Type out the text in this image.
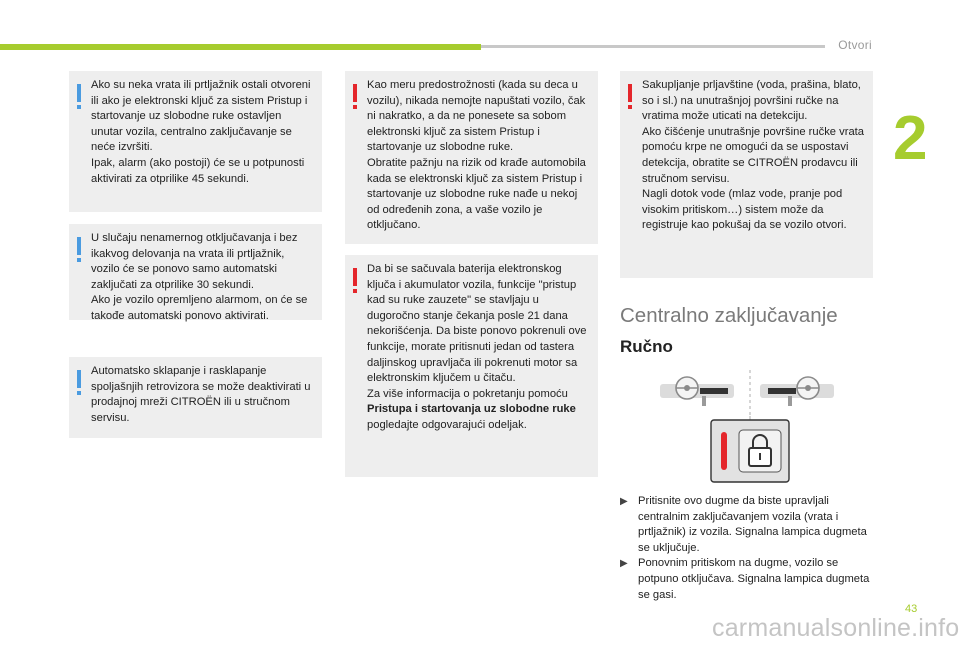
Otvori
2

Ako su neka vrata ili prtljažnik ostali otvoreni ili ako je elektronski ključ za sistem Pristup i startovanje uz slobodne ruke ostavljen unutar vozila, centralno zaključavanje se neće izvršiti.
Ipak, alarm (ako postoji) će se u potpunosti aktivirati za otprilike 45 sekundi.

U slučaju nenamernog otključavanja i bez ikakvog delovanja na vrata ili prtljažnik, vozilo će se ponovo samo automatski zaključati za otprilike 30 sekundi.
Ako je vozilo opremljeno alarmom, on će se takođe automatski ponovo aktivirati.

Automatsko sklapanje i rasklapanje spoljašnjih retrovizora se može deaktivirati u prodajnoj mreži CITROËN ili u stručnom servisu.

Kao meru predostrožnosti (kada su deca u vozilu), nikada nemojte napuštati vozilo, čak ni nakratko, a da ne ponesete sa sobom elektronski ključ za sistem Pristup i startovanje uz slobodne ruke.
Obratite pažnju na rizik od krađe automobila kada se elektronski ključ za sistem Pristup i startovanje uz slobodne ruke nađe u nekoj od određenih zona, a vaše vozilo je otključano.

Da bi se sačuvala baterija elektronskog ključa i akumulator vozila, funkcije "pristup kad su ruke zauzete" se stavljaju u dugoročno stanje čekanja posle 21 dana nekorišćenja. Da biste ponovo pokrenuli ove funkcije, morate pritisnuti jedan od tastera daljinskog upravljača ili pokrenuti motor sa elektronskim ključem u čitaču.
Za više informacija o pokretanju pomoću Pristupa i startovanja uz slobodne ruke pogledajte odgovarajući odeljak.

Sakupljanje prljavštine (voda, prašina, blato, so i sl.) na unutrašnjoj površini ručke na vratima može uticati na detekciju.
Ako čišćenje unutrašnje površine ručke vrata pomoću krpe ne omogući da se uspostavi detekcija, obratite se CITROËN prodavcu ili stručnom servisu.
Nagli dotok vode (mlaz vode, pranje pod visokim pritiskom…) sistem može da registruje kao pokušaj da se vozilo otvori.

Centralno zaključavanje
Ručno
▶ Pritisnite ovo dugme da biste upravljali centralnim zaključavanjem vozila (vrata i prtljažnik) iz vozila. Signalna lampica dugmeta se uključuje.
▶ Ponovnim pritiskom na dugme, vozilo se potpuno otključava. Signalna lampica dugmeta se gasi.
43
carmanualsonline.info
